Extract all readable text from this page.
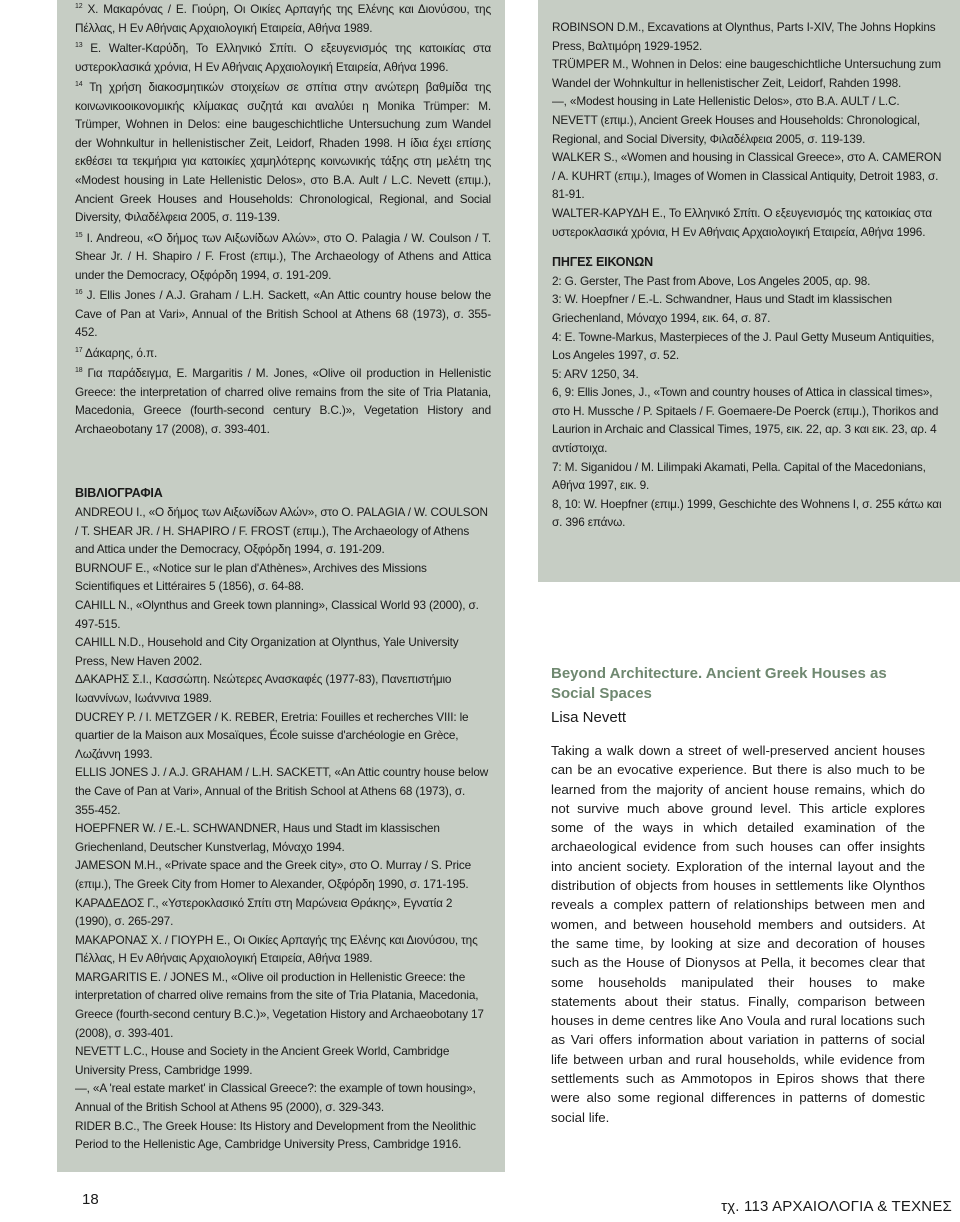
$^{12}$ Χ. Μακαρόνας / Ε. Γιούρη, Οι Οικίες Αρπαγής της Ελένης και Διονύσου, της Πέλλας, Η Εν Αθήναις Αρχαιολογική Εταιρεία, Αθήνα 1989.

$^{13}$ E. Walter-Καρύδη, Το Ελληνικό Σπίτι. Ο εξευγενισμός της κατοικίας στα υστεροκλασικά χρόνια, Η Εν Αθήναις Αρχαιολογική Εταιρεία, Αθήνα 1996.

$^{14}$ Τη χρήση διακοσμητικών στοιχείων σε σπίτια στην ανώτερη βαθμίδα της κοινωνικοοικονομικής κλίμακας συζητά και αναλύει η Monika Trümper: M. Trümper, Wohnen in Delos: eine baugeschichtliche Untersuchung zum Wandel der Wohnkultur in hellenistischer Zeit, Leidorf, Rhaden 1998. Η ίδια έχει επίσης εκθέσει τα τεκμήρια για κατοικίες χαμηλότερης κοινωνικής τάξης στη μελέτη της «Modest housing in Late Hellenistic Delos», στο B.A. Ault / L.C. Nevett (επιμ.), Ancient Greek Houses and Households: Chronological, Regional, and Social Diversity, Φιλαδέλφεια 2005, σ. 119-139.

$^{15}$ I. Andreou, «Ο δήμος των Αιξωνίδων Αλών», στο O. Palagia / W. Coulson / T. Shear Jr. / H. Shapiro / F. Frost (επιμ.), The Archaeology of Athens and Attica under the Democracy, Οξφόρδη 1994, σ. 191-209.

$^{16}$ J. Ellis Jones / A.J. Graham / L.H. Sackett, «An Attic country house below the Cave of Pan at Vari», Annual of the British School at Athens 68 (1973), σ. 355-452.

$^{17}$ Δάκαρης, ό.π.

$^{18}$ Για παράδειγμα, E. Margaritis / M. Jones, «Olive oil production in Hellenistic Greece: the interpretation of charred olive remains from the site of Tria Platania, Macedonia, Greece (fourth-second century B.C.)», Vegetation History and Archaeobotany 17 (2008), σ. 393-401.

ΒΙΒΛΙΟΓΡΑΦΙΑ

ANDREOU I., «Ο δήμος των Αιξωνίδων Αλών», στο O. PALAGIA / W. COULSON / T. SHEAR JR. / H. SHAPIRO / F. FROST (επιμ.), The Archaeology of Athens and Attica under the Democracy, Οξφόρδη 1994, σ. 191-209.

BURNOUF E., «Notice sur le plan d'Athènes», Archives des Missions Scientifiques et Littéraires 5 (1856), σ. 64-88.

CAHILL N., «Olynthus and Greek town planning», Classical World 93 (2000), σ. 497-515.

CAHILL N.D., Household and City Organization at Olynthus, Yale University Press, New Haven 2002.

ΔΑΚΑΡΗΣ Σ.Ι., Κασσώπη. Νεώτερες Ανασκαφές (1977-83), Πανεπιστήμιο Ιωαννίνων, Ιωάννινα 1989.

DUCREY P. / I. METZGER / K. REBER, Eretria: Fouilles et recherches VIII: le quartier de la Maison aux Mosaïques, École suisse d'archéologie en Grèce, Λωζάννη 1993.

ELLIS JONES J. / A.J. GRAHAM / L.H. SACKETT, «An Attic country house below the Cave of Pan at Vari», Annual of the British School at Athens 68 (1973), σ. 355-452.

HOEPFNER W. / E.-L. SCHWANDNER, Haus und Stadt im klassischen Griechenland, Deutscher Kunstverlag, Μόναχο 1994.

JAMESON M.H., «Private space and the Greek city», στο O. Murray / S. Price (επιμ.), The Greek City from Homer to Alexander, Οξφόρδη 1990, σ. 171-195.

ΚΑΡΑΔΕΔΟΣ Γ., «Υστεροκλασικό Σπίτι στη Μαρώνεια Θράκης», Εγνατία 2 (1990), σ. 265-297.

ΜΑΚΑΡΟΝΑΣ Χ. / ΓΙΟΥΡΗ Ε., Οι Οικίες Αρπαγής της Ελένης και Διονύσου, της Πέλλας, Η Εν Αθήναις Αρχαιολογική Εταιρεία, Αθήνα 1989.

MARGARITIS E. / JONES M., «Olive oil production in Hellenistic Greece: the interpretation of charred olive remains from the site of Tria Platania, Macedonia, Greece (fourth-second century B.C.)», Vegetation History and Archaeobotany 17 (2008), σ. 393-401.

NEVETT L.C., House and Society in the Ancient Greek World, Cambridge University Press, Cambridge 1999.

—, «A 'real estate market' in Classical Greece?: the example of town housing», Annual of the British School at Athens 95 (2000), σ. 329-343.

RIDER B.C., The Greek House: Its History and Development from the Neolithic Period to the Hellenistic Age, Cambridge University Press, Cambridge 1916.

ROBINSON D.M., Excavations at Olynthus, Parts I-XIV, The Johns Hopkins Press, Βαλτιμόρη 1929-1952.

TRÜMPER M., Wohnen in Delos: eine baugeschichtliche Untersuchung zum Wandel der Wohnkultur in hellenistischer Zeit, Leidorf, Rahden 1998.

—, «Modest housing in Late Hellenistic Delos», στο B.A. AULT / L.C. NEVETT (επιμ.), Ancient Greek Houses and Households: Chronological, Regional, and Social Diversity, Φιλαδέλφεια 2005, σ. 119-139.

WALKER S., «Women and housing in Classical Greece», στο A. CAMERON / A. KUHRT (επιμ.), Images of Women in Classical Antiquity, Detroit 1983, σ. 81-91.

WALTER-ΚΑΡΥΔΗ Ε., Το Ελληνικό Σπίτι. Ο εξευγενισμός της κατοικίας στα υστεροκλασικά χρόνια, Η Εν Αθήναις Αρχαιολογική Εταιρεία, Αθήνα 1996.

ΠΗΓΕΣ ΕΙΚΟΝΩΝ

2: G. Gerster, The Past from Above, Los Angeles 2005, αρ. 98.

3: W. Hoepfner / E.-L. Schwandner, Haus und Stadt im klassischen Griechenland, Μόναχο 1994, εικ. 64, σ. 87.

4: E. Towne-Markus, Masterpieces of the J. Paul Getty Museum Antiquities, Los Angeles 1997, σ. 52.

5: ARV 1250, 34.

6, 9: Ellis Jones, J., «Town and country houses of Attica in classical times», στο H. Mussche / P. Spitaels / F. Goemaere-De Poerck (επιμ.), Thorikos and Laurion in Archaic and Classical Times, 1975, εικ. 22, αρ. 3 και εικ. 23, αρ. 4 αντίστοιχα.

7: M. Siganidou / M. Lilimpaki Akamati, Pella. Capital of the Macedonians, Αθήνα 1997, εικ. 9.

8, 10: W. Hoepfner (επιμ.) 1999, Geschichte des Wohnens I, σ. 255 κάτω και σ. 396 επάνω.

Beyond Architecture. Ancient Greek Houses as Social Spaces

Lisa Nevett

Taking a walk down a street of well-preserved ancient houses can be an evocative experience. But there is also much to be learned from the majority of ancient house remains, which do not survive much above ground level. This article explores some of the ways in which detailed examination of the archaeological evidence from such houses can offer insights into ancient society. Exploration of the internal layout and the distribution of objects from houses in settlements like Olynthos reveals a complex pattern of relationships between men and women, and between household members and outsiders. At the same time, by looking at size and decoration of houses such as the House of Dionysos at Pella, it becomes clear that some households manipulated their houses to make statements about their status. Finally, comparison between houses in deme centres like Ano Voula and rural locations such as Vari offers information about variation in patterns of social life between urban and rural households, while evidence from settlements such as Ammotopos in Epiros shows that there were also some regional differences in patterns of domestic social life.

18	τχ. 113 ΑΡΧΑΙΟΛΟΓΙΑ & ΤΕΧΝΕΣ
